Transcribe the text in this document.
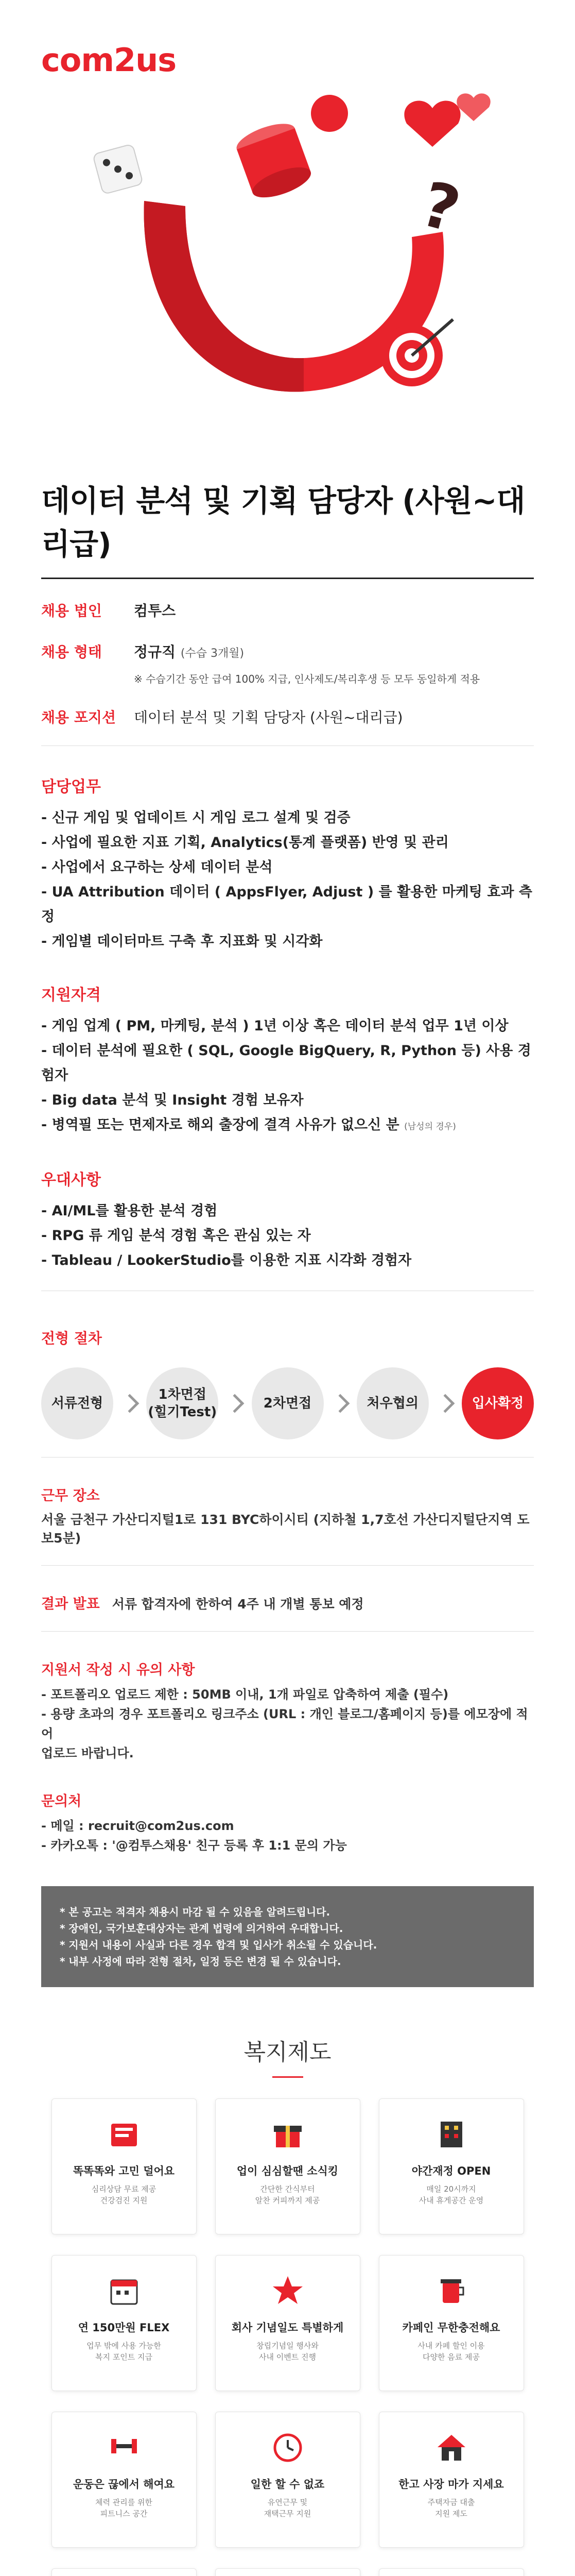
com2us
?
데이터 분석 및 기획 담당자 (사원~대리급)
채용 법인	컴투스
채용 형태	정규직 (수습 3개월)
※ 수습기간 동안 급여 100% 지급, 인사제도/복리후생 등 모두 동일하게 적용
채용 포지션	데이터 분석 및 기획 담당자 (사원~대리급)
담당업무
- 신규 게임 및 업데이트 시 게임 로그 설계 및 검증
- 사업에 필요한 지표 기획, Analytics(통계 플랫폼) 반영 및 관리
- 사업에서 요구하는 상세 데이터 분석
- UA Attribution 데이터 ( AppsFlyer, Adjust ) 를 활용한 마케팅 효과 측정
- 게임별 데이터마트 구축 후 지표화 및 시각화
지원자격
- 게임 업계 ( PM, 마케팅, 분석 ) 1년 이상 혹은 데이터 분석 업무 1년 이상
- 데이터 분석에 필요한 ( SQL, Google BigQuery, R, Python 등) 사용 경험자
- Big data 분석 및 Insight 경험 보유자
- 병역필 또는 면제자로 해외 출장에 결격 사유가 없으신 분 (남성의 경우)
우대사항
- AI/ML를 활용한 분석 경험
- RPG 류 게임 분석 경험 혹은 관심 있는 자
- Tableau / LookerStudio를 이용한 지표 시각화 경험자
전형 절차
서류전형
1차면접
(힐기Test)
2차면접	처우협의	입사확정
근무 장소
서울 금천구 가산디지털1로 131 BYC하이시티 (지하철 1,7호선 가산디지털단지역 도보5분)
결과 발표 서류 합격자에 한하여 4주 내 개별 통보 예정
지원서 작성 시 유의 사항
- 포트폴리오 업로드 제한 : 50MB 이내, 1개 파일로 압축하여 제출 (필수)
- 용량 초과의 경우 포트폴리오 링크주소 (URL : 개인 블로그/홈페이지 등)를 에모장에 적어
업로드 바랍니다.
문의처
- 메일 : recruit@com2us.com
- 카카오톡 : '@컴투스채용' 친구 등록 후 1:1 문의 가능
* 본 공고는 적격자 채용시 마감 될 수 있음을 알려드립니다.
* 장애인, 국가보훈대상자는 관계 법령에 의거하여 우대합니다.
* 지원서 내용이 사실과 다른 경우 합격 및 입사가 취소될 수 있습니다.
* 내부 사정에 따라 전형 절차, 일정 등은 변경 될 수 있습니다.
복지제도
똑똑똑와 고민 덜어요
심리상담 무료 제공
건강검진 지원
업이 심심할땐 소식킹
간단한 간식부터
알찬 커피까지 제공
야간재정 OPEN
매일 20시까지
사내 휴게공간 운영
연 150만원 FLEX
업무 밖에 사용 가능한
복지 포인트 지급
회사 기념일도 특별하게
창립기념일 행사와
사내 이벤트 진행
카페인 무한충전해요
사내 카페 할인 이용
다양한 음료 제공
운동은 끊에서 해여요
체력 관리를 위한
피트니스 공간
일한 할 수 없죠
유연근무 및
재택근무 지원
한고 사장 마가 지세요
주택자금 대출
지원 제도
